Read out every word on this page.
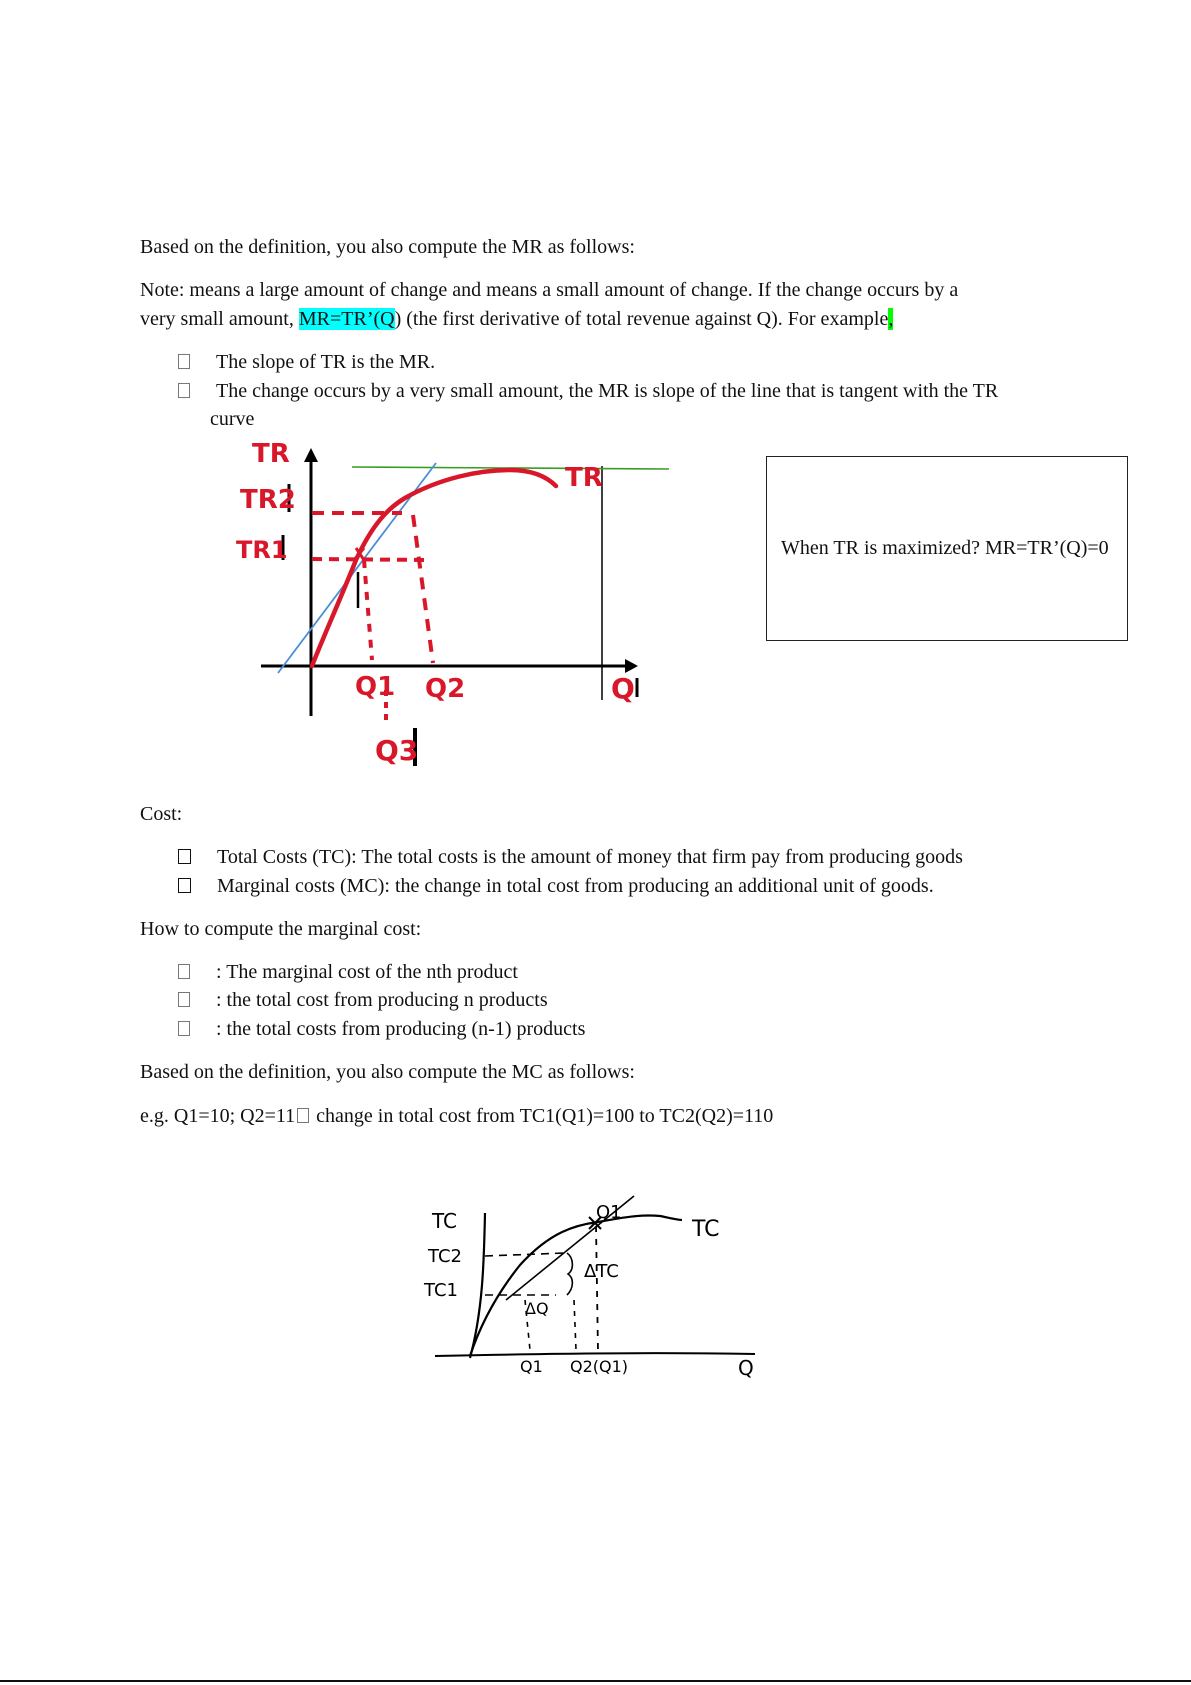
Based on the definition, you also compute the MR as follows:
Note: means a large amount of change and means a small amount of change. If the change occurs by a
very small amount, MR=TR’(Q) (the first derivative of total revenue against Q). For example,
The slope of TR is the MR.
The change occurs by a very small amount, the MR is slope of the line that is tangent with the TR
curve
TR
TR2
TR1
Q1 Q2	Q
Q3
TR
When TR is maximized? MR=TR’(Q)=0
Cost:
Total Costs (TC): The total costs is the amount of money that firm pay from producing goods
Marginal costs (MC): the change in total cost from producing an additional unit of goods.
How to compute the marginal cost:
: The marginal cost of the nth product
: the total cost from producing n products
: the total costs from producing (n-1) products
Based on the definition, you also compute the MC as follows:
e.g. Q1=10; Q2=11 change in total cost from TC1(Q1)=100 to TC2(Q2)=110
TC
TC2
TC1
ΔTC
ΔQ
Q1 Q2(Q1)	Q
TC
Q1
